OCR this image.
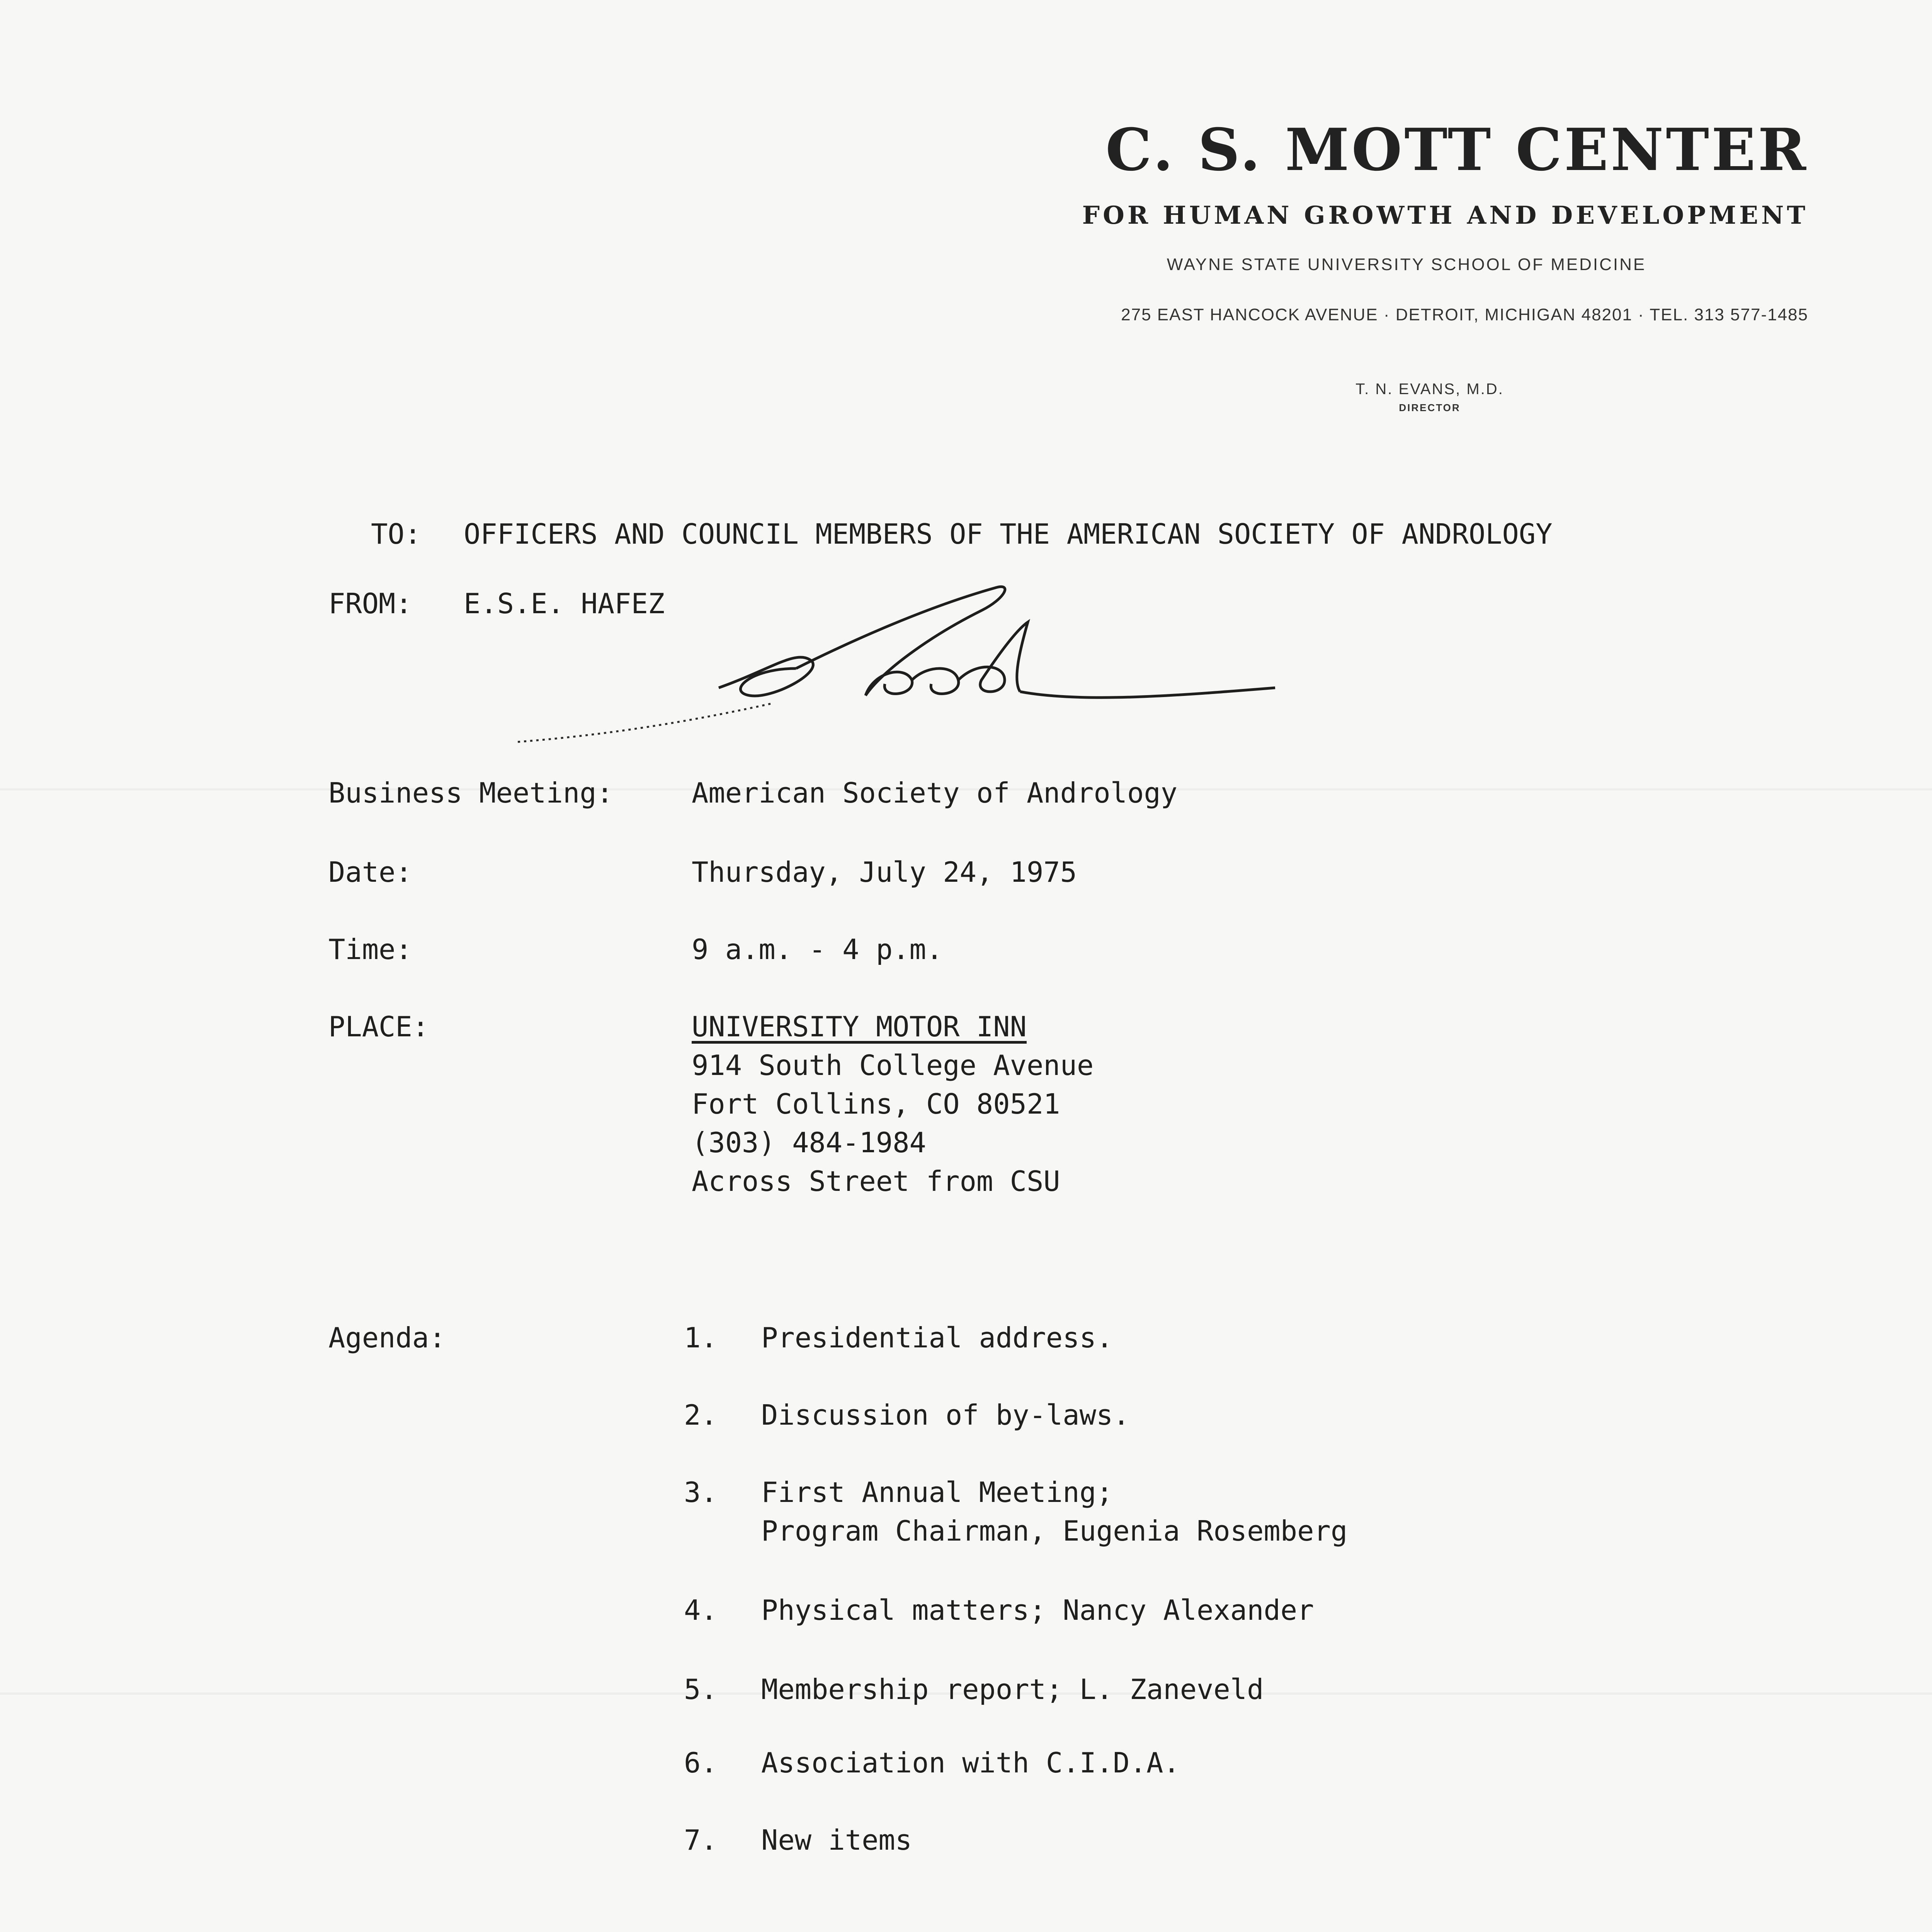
C. S. MOTT CENTER
FOR HUMAN GROWTH AND DEVELOPMENT
WAYNE STATE UNIVERSITY SCHOOL OF MEDICINE
275 EAST HANCOCK AVENUE · DETROIT, MICHIGAN 48201 · TEL. 313 577-1485
T. N. EVANS, M.D.
DIRECTOR
TO: OFFICERS AND COUNCIL MEMBERS OF THE AMERICAN SOCIETY OF ANDROLOGY
FROM: E.S.E. HAFEZ
Business Meeting:	American Society of Andrology
Date:	Thursday, July 24, 1975
Time:	9 a.m. - 4 p.m.
PLACE:	UNIVERSITY MOTOR INN
914 South College Avenue
Fort Collins, CO 80521
(303) 484-1984
Across Street from CSU
Agenda:	1. Presidential address.
2. Discussion of by-laws.
3. First Annual Meeting;
Program Chairman, Eugenia Rosemberg
4. Physical matters; Nancy Alexander
5. Membership report; L. Zaneveld
6. Association with C.I.D.A.
7. New items
